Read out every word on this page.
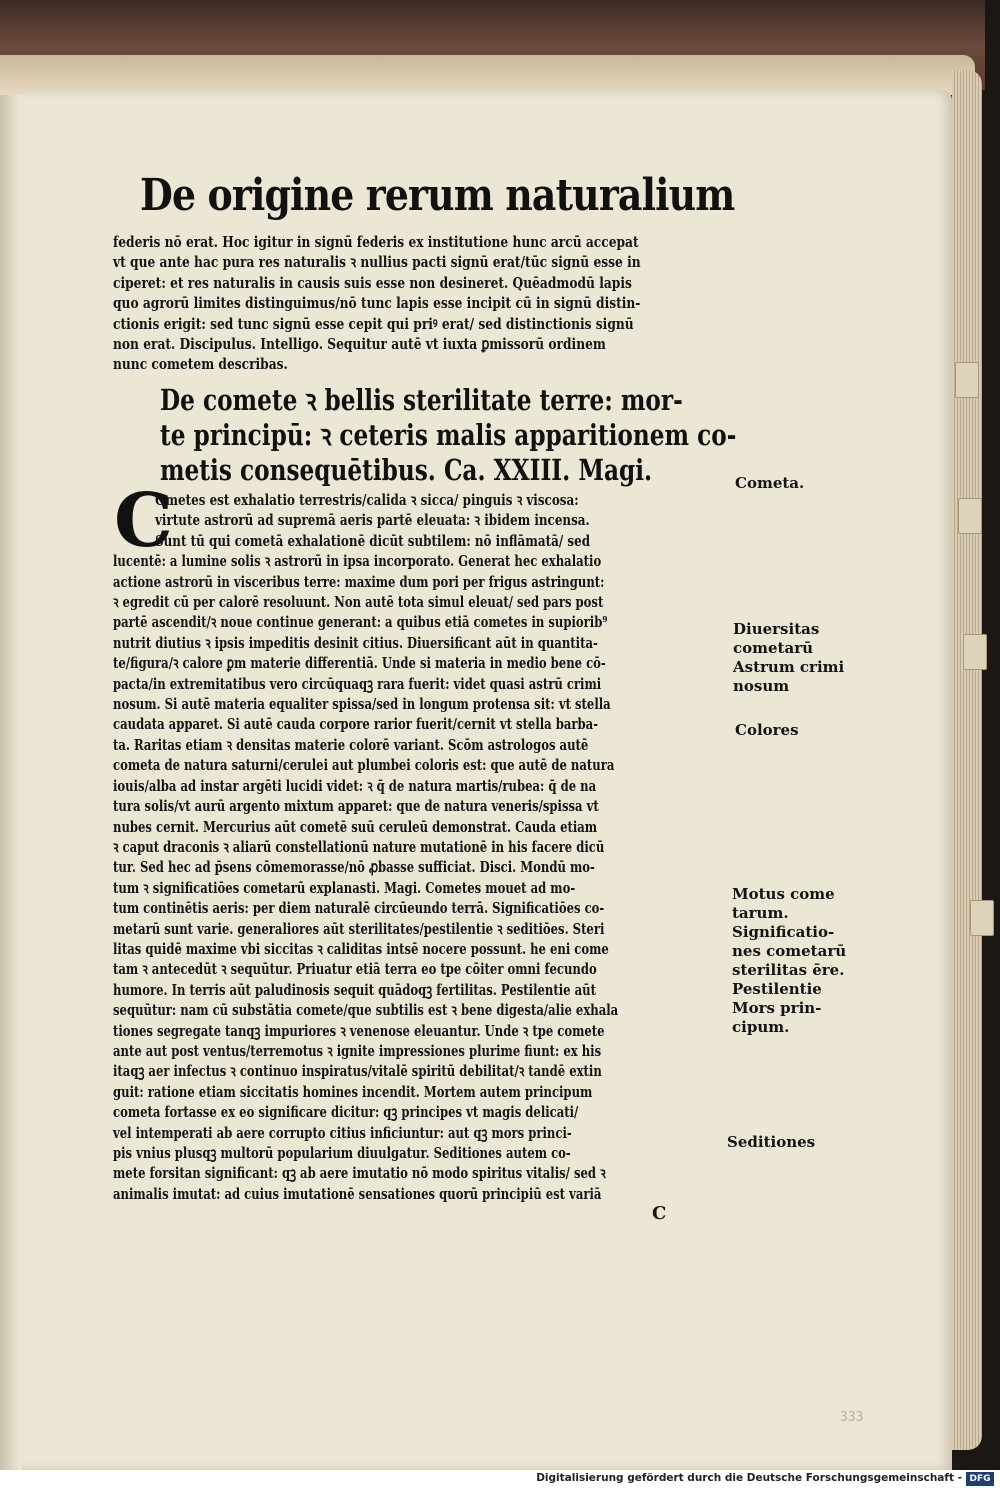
De origine rerum naturalium
federis nō erat. Hoc igitur in signū federis ex institutione hunc arcū accepat
vt que ante hac pura res naturalis ꝛ nullius pacti signū erat/tūc signū esse in
ciperet: et res naturalis in causis suis esse non desineret. Quēadmodū lapis
quo agrorū limites distinguimus/nō tunc lapis esse incipit cū in signū distin-
ctionis erigit: sed tunc signū esse cepit qui priꝰ erat/ sed distinctionis signū
non erat. Discipulus. Intelligo. Sequitur autē vt iuxta ꝑmissorū ordinem
nunc cometem describas.
De comete ꝛ bellis sterilitate terre: mor-
te principū: ꝛ ceteris malis apparitionem co-
metis consequētibus. Ca. XXIII. Magi.
C
Ometes est exhalatio terrestris/calida ꝛ sicca/ pinguis ꝛ viscosa:
virtute astrorū ad supremā aeris partē eleuata: ꝛ ibidem incensa.
Sunt tū qui cometā exhalationē dicūt subtilem: nō inflāmatā/ sed
lucentē: a lumine solis ꝛ astrorū in ipsa incorporato. Generat hec exhalatio
actione astrorū in visceribus terre: maxime dum pori per frigus astringunt:
ꝛ egredit cū per calorē resoluunt. Non autē tota simul eleuat/ sed pars post
partē ascendit/ꝛ noue continue generant: a quibus etiā cometes in supiorib⁹
nutrit diutius ꝛ ipsis impeditis desinit citius. Diuersificant aūt in quantita-
te/figura/ꝛ calore ꝑm materie differentiā. Unde si materia in medio bene cō-
pacta/in extremitatibus vero circūquaqꝫ rara fuerit: videt quasi astrū crimi
nosum. Si autē materia equaliter spissa/sed in longum protensa sit: vt stella
caudata apparet. Si autē cauda corpore rarior fuerit/cernit vt stella barba-
ta. Raritas etiam ꝛ densitas materie colorē variant. Scōm astrologos autē
cometa de natura saturni/cerulei aut plumbei coloris est: que autē de natura
iouis/alba ad instar argēti lucidi videt: ꝛ q̄ de natura martis/rubea: q̄ de na
tura solis/vt aurū argento mixtum apparet: que de natura veneris/spissa vt
nubes cernit. Mercurius aūt cometē suū ceruleū demonstrat. Cauda etiam
ꝛ caput draconis ꝛ aliarū constellationū nature mutationē in his facere dicū
tur. Sed hec ad p̄sens cōmemorasse/nō ꝓbasse sufficiat. Disci. Mondū mo-
tum ꝛ significatiōes cometarū explanasti. Magi. Cometes mouet ad mo-
tum continētis aeris: per diem naturalē circūeundo terrā. Significatiōes co-
metarū sunt varie. generaliores aūt sterilitates/pestilentie ꝛ seditiōes. Steri
litas quidē maxime vbi siccitas ꝛ caliditas intsē nocere possunt. he eni come
tam ꝛ antecedūt ꝛ sequūtur. Priuatur etiā terra eo tpe cōiter omni fecundo
humore. In terris aūt paludinosis sequit quādoqꝫ fertilitas. Pestilentie aūt
sequūtur: nam cū substātia comete/que subtilis est ꝛ bene digesta/alie exhala
tiones segregate tanqꝫ impuriores ꝛ venenose eleuantur. Unde ꝛ tpe comete
ante aut post ventus/terremotus ꝛ ignite impressiones plurime fiunt: ex his
itaqꝫ aer infectus ꝛ continuo inspiratus/vitalē spiritū debilitat/ꝛ tandē extin
guit: ratione etiam siccitatis homines incendit. Mortem autem principum
cometa fortasse ex eo significare dicitur: qꝫ principes vt magis delicati/
vel intemperati ab aere corrupto citius inficiuntur: aut qꝫ mors princi-
pis vnius plusqꝫ multorū popularium diuulgatur. Seditiones autem co-
mete forsitan significant: qꝫ ab aere imutatio nō modo spiritus vitalis/ sed ꝛ
animalis imutat: ad cuius imutationē sensationes quorū principiū est variā
Cometa.
Diuersitas
cometarū
Astrum crimi
nosum
Colores
Motus come
tarum.
Significatio-
nes cometarū
sterilitas ēre.
Pestilentie
Mors prin-
cipum.
Seditiones
C
333
Digitalisierung gefördert durch die Deutsche Forschungsgemeinschaft - DFG
